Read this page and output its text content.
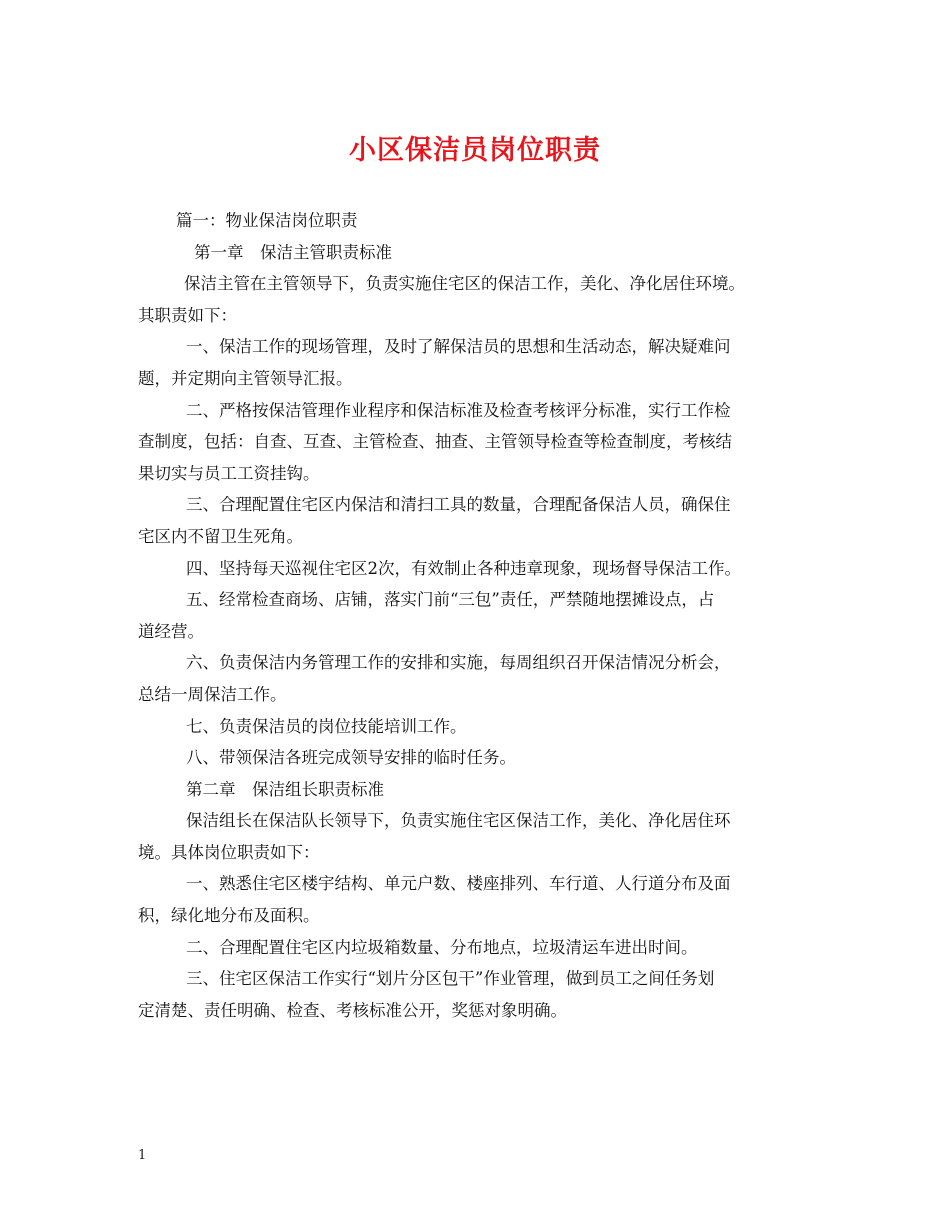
小区保洁员岗位职责

篇一：物业保洁岗位职责

第一章　保洁主管职责标准

保洁主管在主管领导下，负责实施住宅区的保洁工作，美化、净化居住环境。

其职责如下：

一、保洁工作的现场管理，及时了解保洁员的思想和生活动态，解决疑难问

题，并定期向主管领导汇报。

二、严格按保洁管理作业程序和保洁标准及检查考核评分标准，实行工作检

查制度，包括：自查、互查、主管检查、抽查、主管领导检查等检查制度，考核结

果切实与员工工资挂钩。

三、合理配置住宅区内保洁和清扫工具的数量，合理配备保洁人员，确保住

宅区内不留卫生死角。

四、坚持每天巡视住宅区2次，有效制止各种违章现象，现场督导保洁工作。

五、经常检查商场、店铺，落实门前“三包”责任，严禁随地摆摊设点，占

道经营。

六、负责保洁内务管理工作的安排和实施，每周组织召开保洁情况分析会，

总结一周保洁工作。

七、负责保洁员的岗位技能培训工作。

八、带领保洁各班完成领导安排的临时任务。

第二章　保洁组长职责标准

保洁组长在保洁队长领导下，负责实施住宅区保洁工作，美化、净化居住环

境。具体岗位职责如下：

一、熟悉住宅区楼宇结构、单元户数、楼座排列、车行道、人行道分布及面

积，绿化地分布及面积。

二、合理配置住宅区内垃圾箱数量、分布地点，垃圾清运车进出时间。

三、住宅区保洁工作实行“划片分区包干”作业管理，做到员工之间任务划

定清楚、责任明确、检查、考核标准公开，奖惩对象明确。

1
